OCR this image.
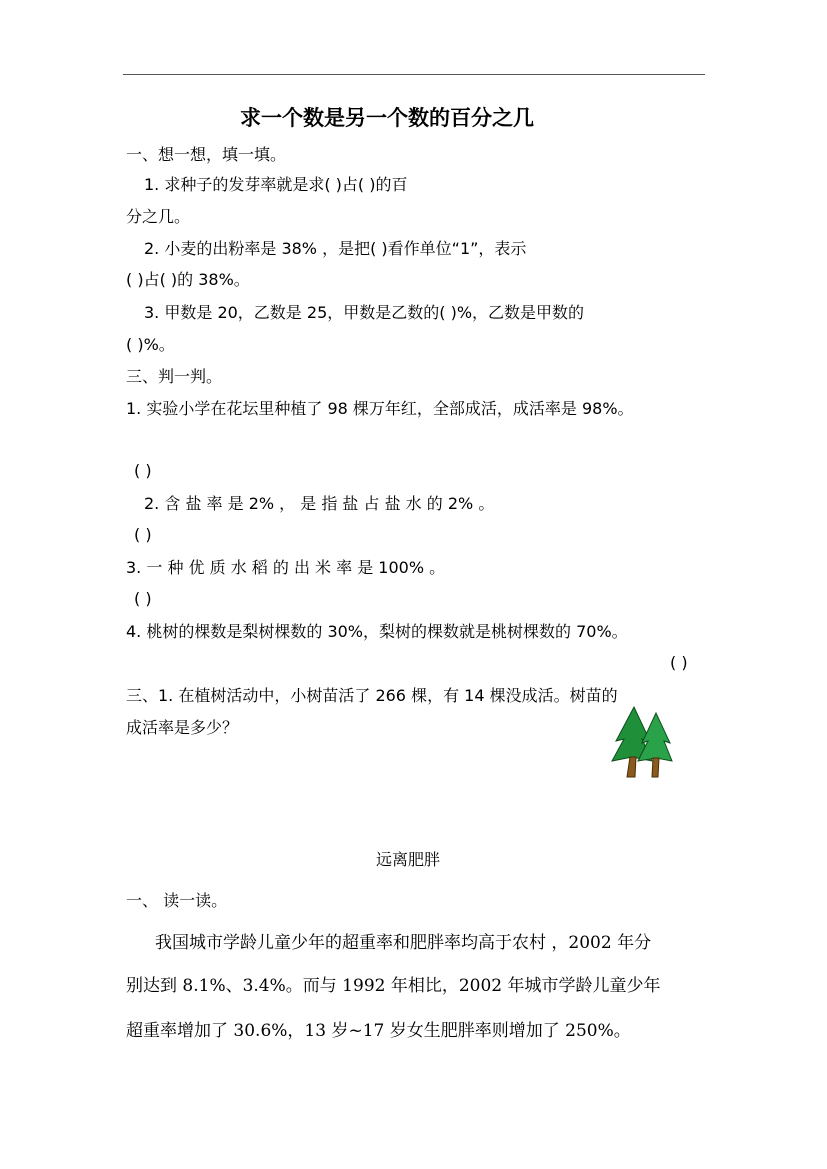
求一个数是另一个数的百分之几
一、想一想，填一填。
1. 求种子的发芽率就是求( )占( )的百
分之几。
2. 小麦的出粉率是 38% ，是把( )看作单位“1”，表示
( )占( )的 38%。
3. 甲数是 20，乙数是 25，甲数是乙数的( )%，乙数是甲数的
( )%。
三、判一判。
1. 实验小学在花坛里种植了 98 棵万年红，全部成活，成活率是 98%。
( )
2. 含 盐 率 是 2% ， 是 指 盐 占 盐 水 的 2% 。
( )
3. 一 种 优 质 水 稻 的 出 米 率 是 100% 。
( )
4. 桃树的棵数是梨树棵数的 30%，梨树的棵数就是桃树棵数的 70%。
( )
三、1. 在植树活动中，小树苗活了 266 棵，有 14 棵没成活。树苗的
成活率是多少？
远离肥胖
一、 读一读。
我国城市学龄儿童少年的超重率和肥胖率均高于农村 ，2002 年分
别达到 8.1%、3.4%。而与 1992 年相比，2002 年城市学龄儿童少年
超重率增加了 30.6%，13 岁~17 岁女生肥胖率则增加了 250%。
